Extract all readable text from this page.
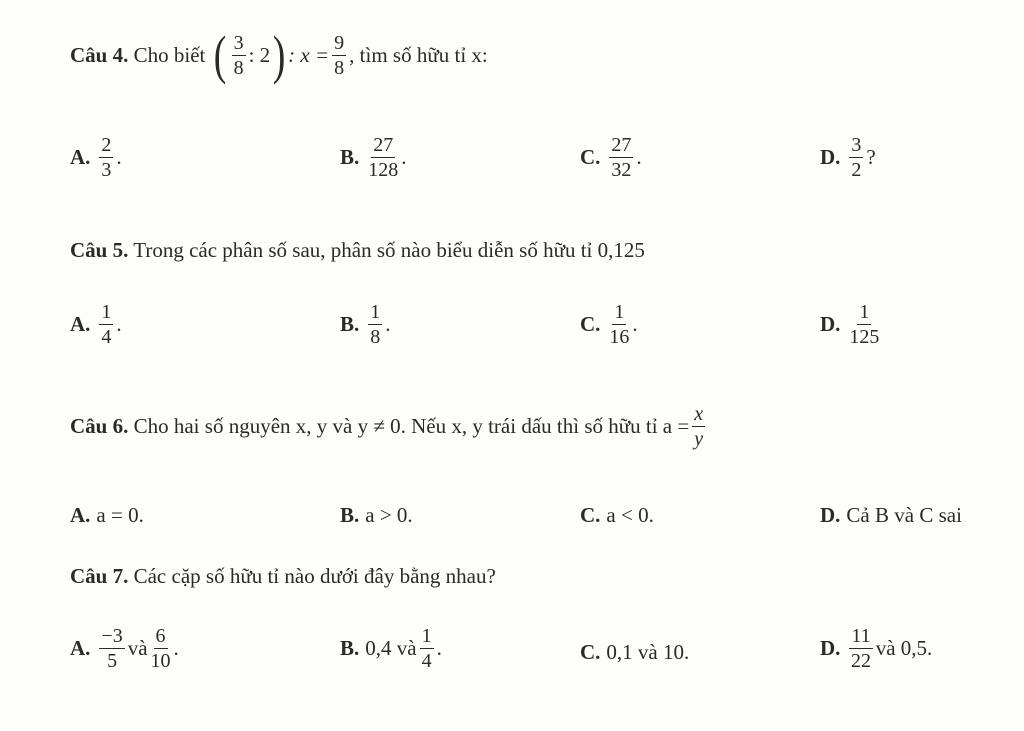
Câu 4.
Cho biết
( $\frac{3}{8}$ : 2 ) : $x = \frac{9}{8}$ , tìm số hữu tỉ x:
A. $\frac{2}{3}$ .	B. $\frac{27}{128}$ .	C. $\frac{27}{32}$ .	D. $\frac{3}{2}$ ?
Câu 5. Trong các phân số sau, phân số nào biểu diễn số hữu tỉ 0,125
A. $\frac{1}{4}$ .	B. $\frac{1}{8}$ .	C. $\frac{1}{16}$ .	D. $\frac{1}{125}$
Câu 6.
Cho hai số nguyên x, y và y ≠ 0. Nếu x, y trái dấu thì số hữu tỉ $a = \frac{x}{y}$
A. a = 0.	B. a > 0.	C. a < 0.	D. Cả B và C sai
Câu 7. Các cặp số hữu tỉ nào dưới đây bằng nhau?
A. $\frac{-3}{5}$ và $\frac{6}{10}$ .	B. 0,4 và $\frac{1}{4}$ .	C. 0,1 và 10.	D. $\frac{11}{22}$ và 0,5.
